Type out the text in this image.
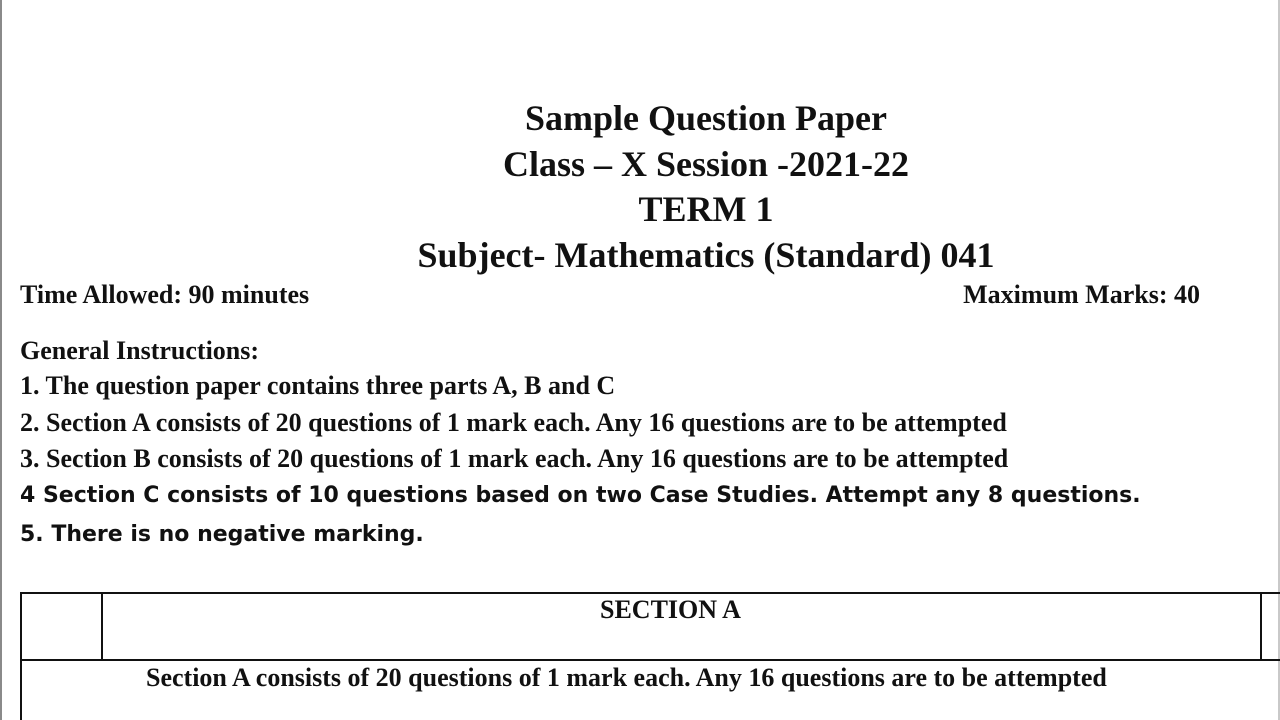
Sample Question Paper
Class – X Session -2021-22
TERM 1
Subject- Mathematics (Standard) 041
Time Allowed: 90 minutes	Maximum Marks: 40
General Instructions:
1. The question paper contains three parts A, B and C
2. Section A consists of 20 questions of 1 mark each. Any 16 questions are to be attempted
3. Section B consists of 20 questions of 1 mark each. Any 16 questions are to be attempted
4 Section C consists of 10 questions based on two Case Studies. Attempt any 8 questions.
5. There is no negative marking.
SECTION A
Section A consists of 20 questions of 1 mark each. Any 16 questions are to be attempted
